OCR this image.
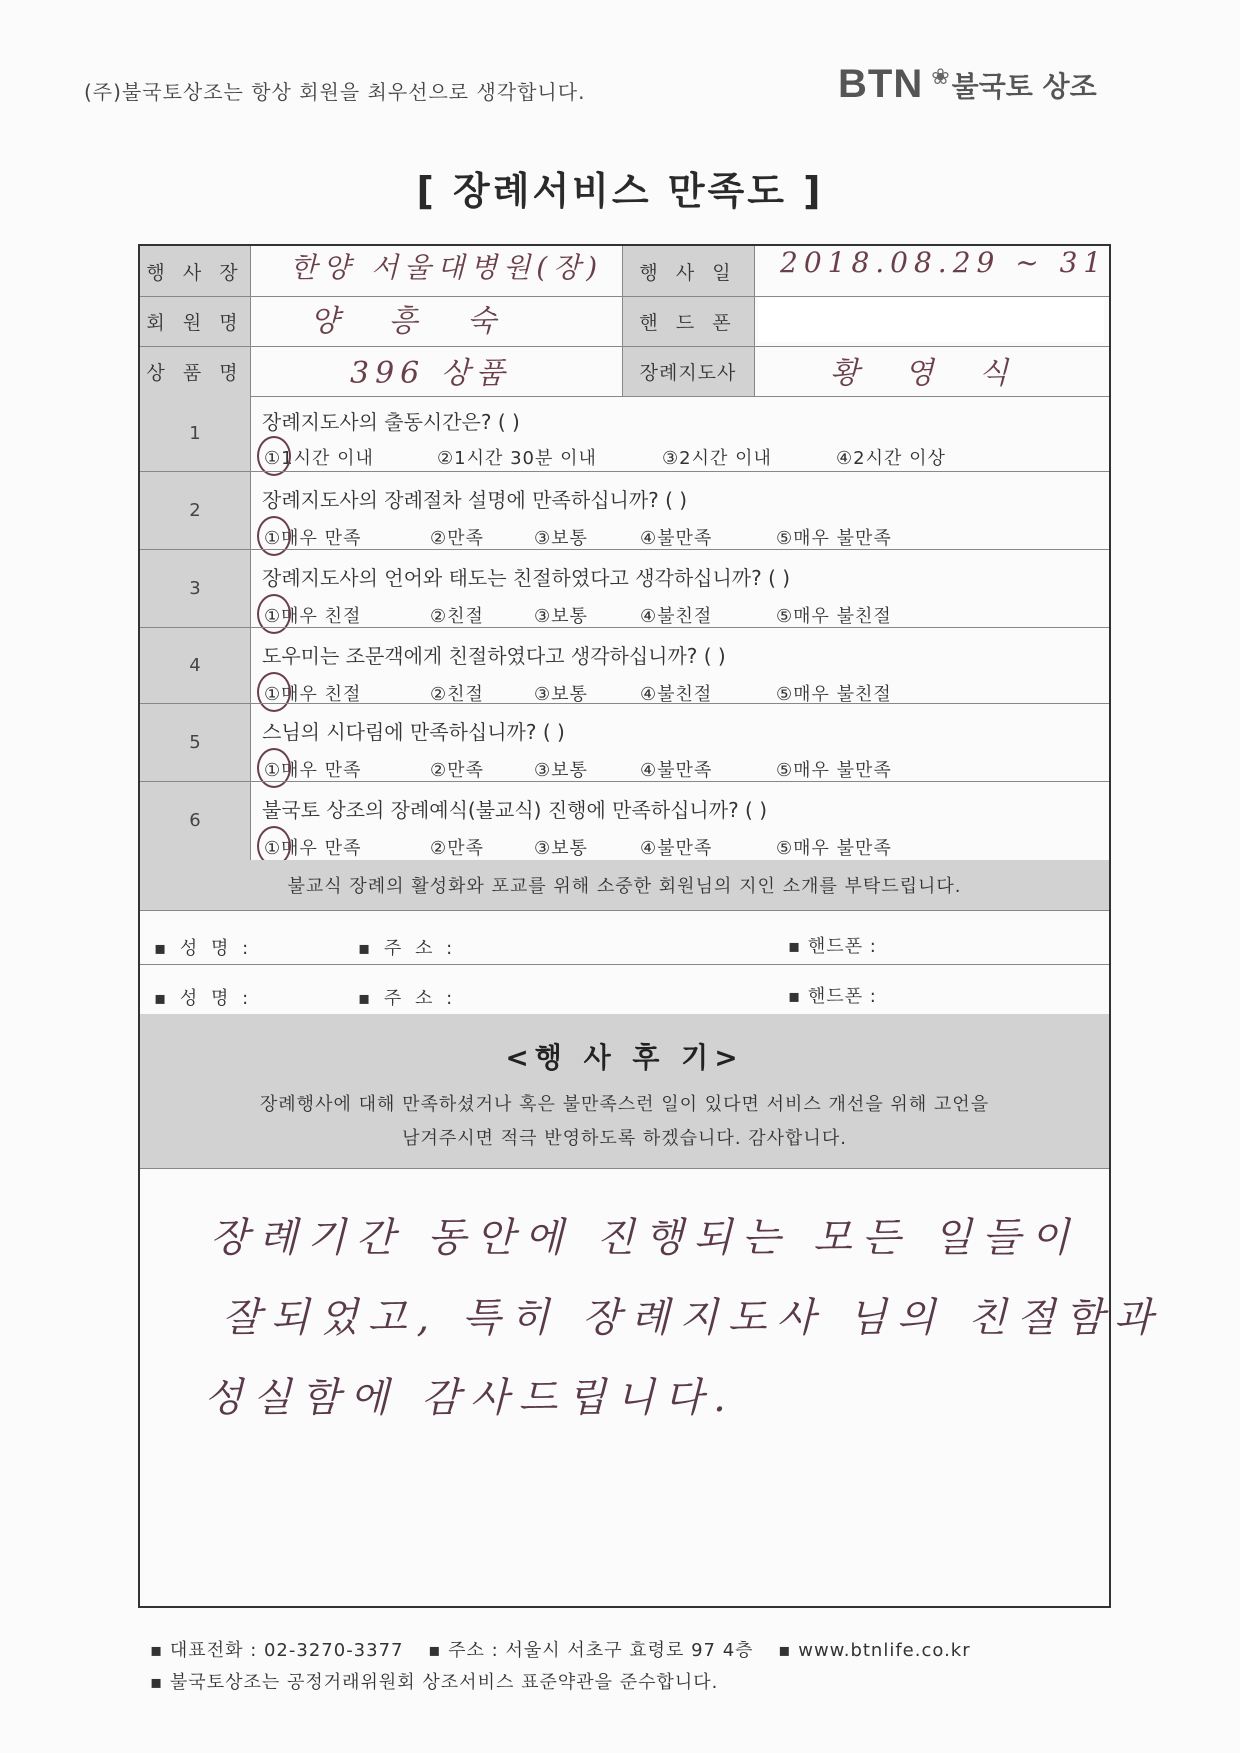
(주)불국토상조는 항상 회원을 최우선으로 생각합니다.	BTN ❀ 불국토 상조
[ 장례서비스 만족도 ]
행 사 장 한양 서울대병원(장)	행 사 일	2018.08.29 ~ 31
회 원 명 양 흥 숙	핸 드 폰
상 품 명	396 상품	장례지도사	황 영 식
1	장례지도사의 출동시간은? ( )
①1시간 이내	②1시간 30분 이내	③2시간 이내	④2시간 이상
2	장례지도사의 장례절차 설명에 만족하십니까? ( )
①매우 만족	②만족	③보통	④불만족	⑤매우 불만족
3	장례지도사의 언어와 태도는 친절하였다고 생각하십니까? ( )
①매우 친절	②친절	③보통	④불친절	⑤매우 불친절
4	도우미는 조문객에게 친절하였다고 생각하십니까? ( )
①매우 친절	②친절	③보통	④불친절	⑤매우 불친절
5	스님의 시다림에 만족하십니까? ( )
①매우 만족	②만족	③보통	④불만족	⑤매우 불만족
6	불국토 상조의 장례예식(불교식) 진행에 만족하십니까? ( )
①매우 만족	②만족	③보통	④불만족	⑤매우 불만족
불교식 장례의 활성화와 포교를 위해 소중한 회원님의 지인 소개를 부탁드립니다.
▪ 성 명 :	▪ 주 소 :	▪ 핸드폰 :
▪ 성 명 :	▪ 주 소 :	▪ 핸드폰 :
<행 사 후 기>
장례행사에 대해 만족하셨거나 혹은 불만족스런 일이 있다면 서비스 개선을 위해 고언을
남겨주시면 적극 반영하도록 하겠습니다. 감사합니다.
장례기간 동안에 진행되는 모든 일들이
잘되었고, 특히 장례지도사 님의 친절함과
성실함에 감사드립니다.
▪ 대표전화 : 02-3270-3377 ▪ 주소 : 서울시 서초구 효령로 97 4층 ▪ www.btnlife.co.kr
▪ 불국토상조는 공정거래위원회 상조서비스 표준약관을 준수합니다.
